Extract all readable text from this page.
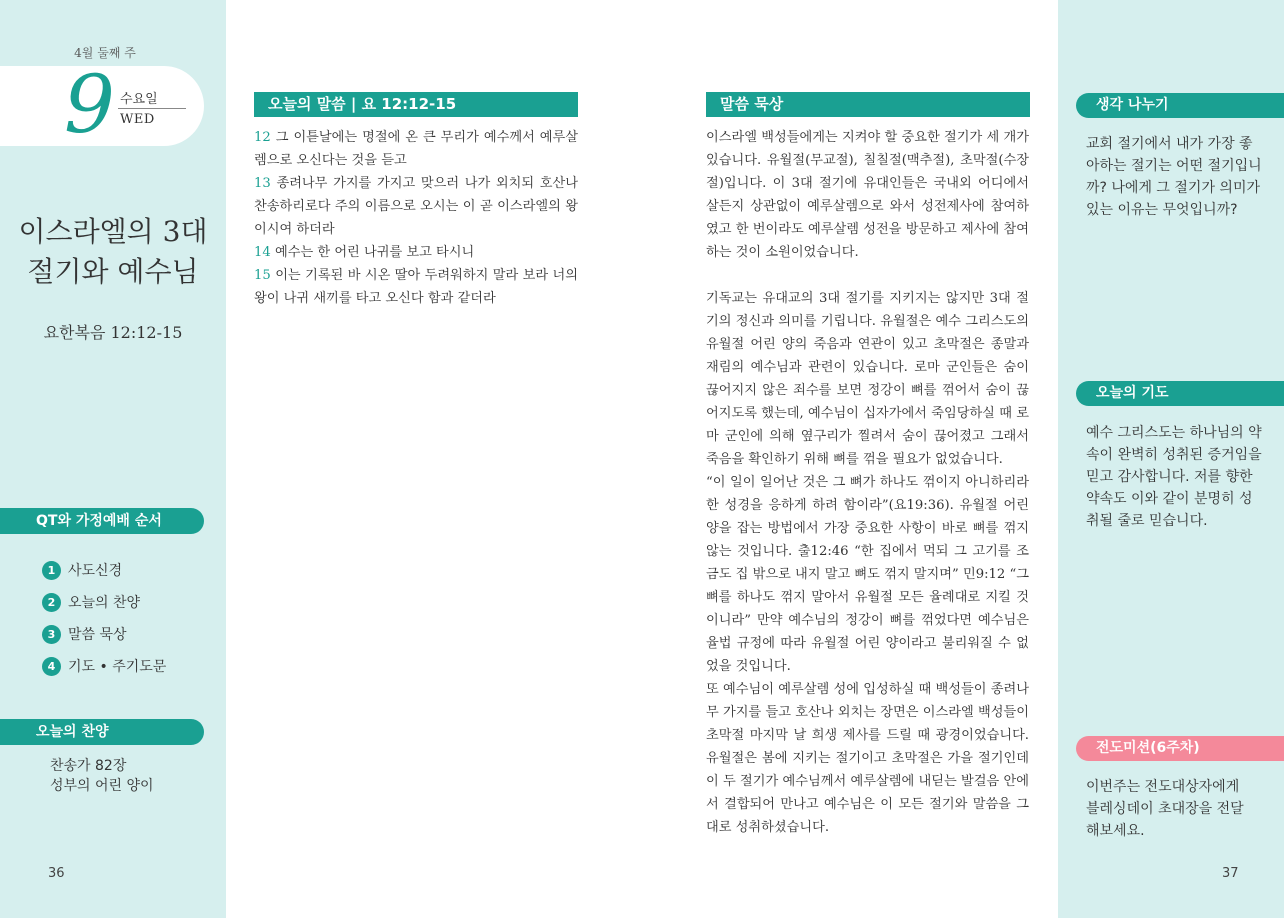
4월 둘째 주
9 수요일
WED
이스라엘의 3대
절기와 예수님
요한복음 12:12-15
QT와 가정예배 순서
1 사도신경
2 오늘의 찬양
3 말씀 묵상
4 기도 • 주기도문
오늘의 찬양
찬송가 82장
성부의 어린 양이
36
오늘의 말씀 | 요 12:12-15
12 그 이튿날에는 명절에 온 큰 무리가 예수께서 예루살렘으로 오신다는 것을 듣고
13 종려나무 가지를 가지고 맞으러 나가 외치되 호산나 찬송하리로다 주의 이름으로 오시는 이 곧 이스라엘의 왕이시여 하더라
14 예수는 한 어린 나귀를 보고 타시니
15 이는 기록된 바 시온 딸아 두려워하지 말라 보라 너의 왕이 나귀 새끼를 타고 오신다 함과 같더라
말씀 묵상

이스라엘 백성들에게는 지켜야 할 중요한 절기가 세 개가 있습니다. 유월절(무교절), 칠칠절(맥추절), 초막절(수장절)입니다. 이 3대 절기에 유대인들은 국내외 어디에서 살든지 상관없이 예루살렘으로 와서 성전제사에 참여하였고 한 번이라도 예루살렘 성전을 방문하고 제사에 참여하는 것이 소원이었습니다.

기독교는 유대교의 3대 절기를 지키지는 않지만 3대 절기의 정신과 의미를 기립니다. 유월절은 예수 그리스도의 유월절 어린 양의 죽음과 연관이 있고 초막절은 종말과 재림의 예수님과 관련이 있습니다. 로마 군인들은 숨이 끊어지지 않은 죄수를 보면 정강이 뼈를 꺾어서 숨이 끊어지도록 했는데, 예수님이 십자가에서 죽임당하실 때 로마 군인에 의해 옆구리가 찔려서 숨이 끊어졌고 그래서 죽음을 확인하기 위해 뼈를 꺾을 필요가 없었습니다.

“이 일이 일어난 것은 그 뼈가 하나도 꺾이지 아니하리라 한 성경을 응하게 하려 함이라”(요19:36). 유월절 어린 양을 잡는 방법에서 가장 중요한 사항이 바로 뼈를 꺾지 않는 것입니다. 출12:46 “한 집에서 먹되 그 고기를 조금도 집 밖으로 내지 말고 뼈도 꺾지 말지며” 민9:12 “그 뼈를 하나도 꺾지 말아서 유월절 모든 율례대로 지킬 것이니라” 만약 예수님의 정강이 뼈를 꺾었다면 예수님은 율법 규정에 따라 유월절 어린 양이라고 불리워질 수 없었을 것입니다.

또 예수님이 예루살렘 성에 입성하실 때 백성들이 종려나무 가지를 들고 호산나 외치는 장면은 이스라엘 백성들이 초막절 마지막 날 희생 제사를 드릴 때 광경이었습니다. 유월절은 봄에 지키는 절기이고 초막절은 가을 절기인데 이 두 절기가 예수님께서 예루살렘에 내딛는 발걸음 안에서 결합되어 만나고 예수님은 이 모든 절기와 말씀을 그대로 성취하셨습니다.

생각 나누기
교회 절기에서 내가 가장 좋아하는 절기는 어떤 절기입니까? 나에게 그 절기가 의미가 있는 이유는 무엇입니까?
오늘의 기도
예수 그리스도는 하나님의 약속이 완벽히 성취된 증거임을 믿고 감사합니다. 저를 향한 약속도 이와 같이 분명히 성취될 줄로 믿습니다.
전도미션(6주차)
이번주는 전도대상자에게 블레싱데이 초대장을 전달해보세요.
37
